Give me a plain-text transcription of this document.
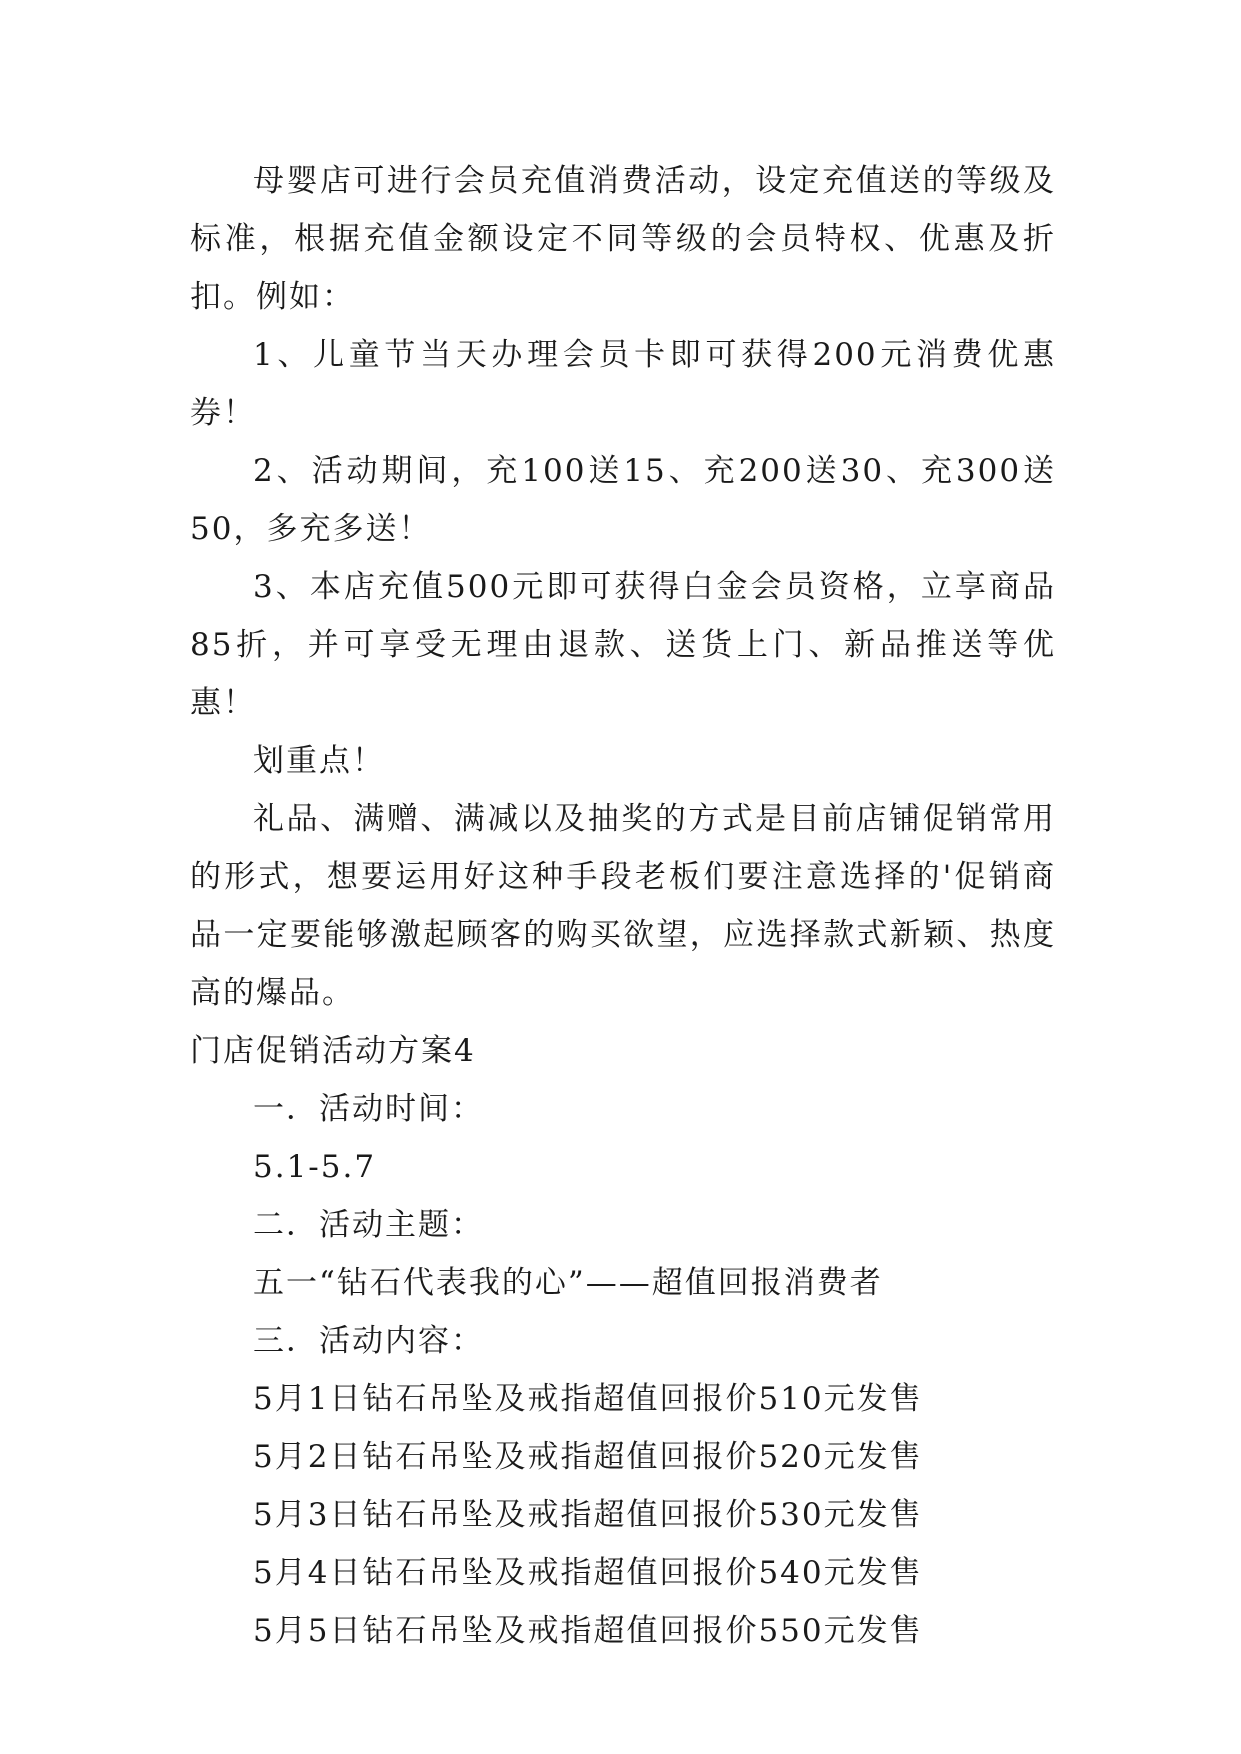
母婴店可进行会员充值消费活动，设定充值送的等级及标准，根据充值金额设定不同等级的会员特权、优惠及折扣。例如：

1、儿童节当天办理会员卡即可获得200元消费优惠券！

2、活动期间，充100送15、充200送30、充300送50，多充多送！

3、本店充值500元即可获得白金会员资格，立享商品85折，并可享受无理由退款、送货上门、新品推送等优惠！

划重点！

礼品、满赠、满减以及抽奖的方式是目前店铺促销常用的形式，想要运用好这种手段老板们要注意选择的'促销商品一定要能够激起顾客的购买欲望，应选择款式新颖、热度高的爆品。

门店促销活动方案4
一．活动时间：
5.1-5.7
二．活动主题：
五一“钻石代表我的心”——超值回报消费者
三．活动内容：
5月1日钻石吊坠及戒指超值回报价510元发售
5月2日钻石吊坠及戒指超值回报价520元发售
5月3日钻石吊坠及戒指超值回报价530元发售
5月4日钻石吊坠及戒指超值回报价540元发售
5月5日钻石吊坠及戒指超值回报价550元发售
